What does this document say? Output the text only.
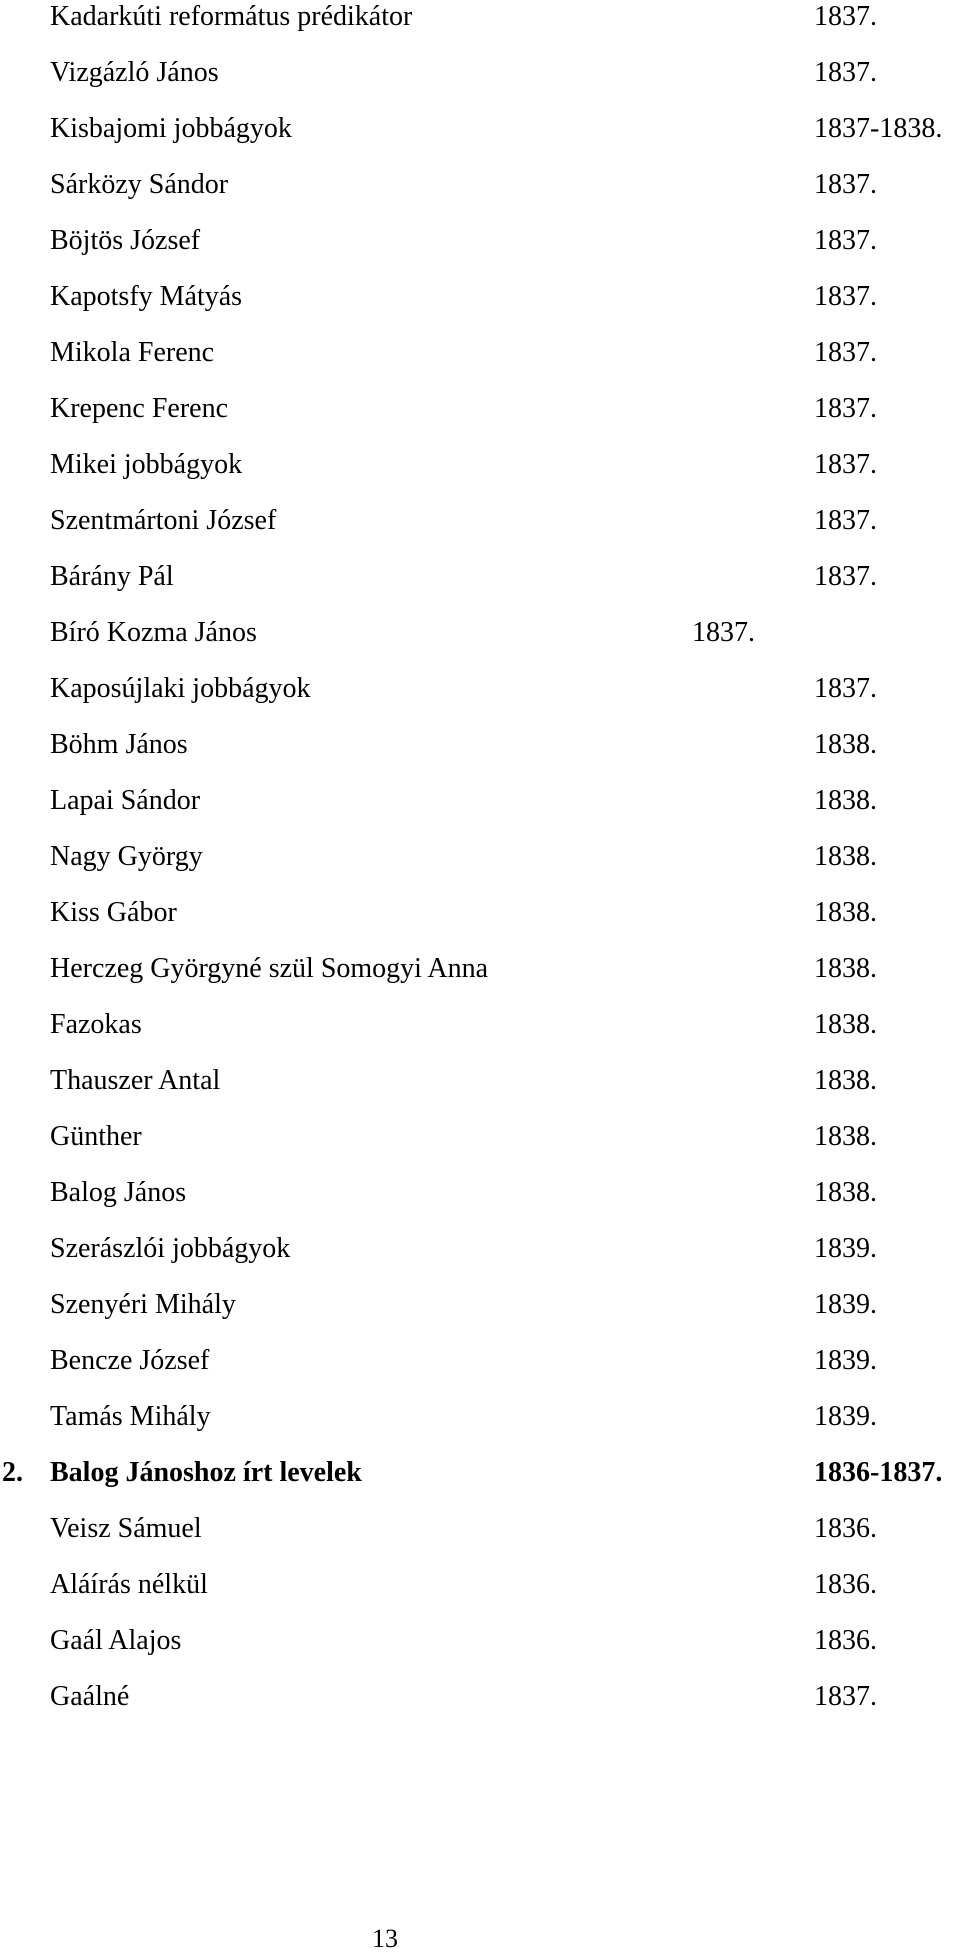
Kadarkúti református prédikátor	1837.
Vizgázló János	1837.
Kisbajomi jobbágyok	1837-1838.
Sárközy Sándor	1837.
Böjtös József	1837.
Kapotsfy Mátyás	1837.
Mikola Ferenc	1837.
Krepenc Ferenc	1837.
Mikei jobbágyok	1837.
Szentmártoni József	1837.
Bárány Pál	1837.
Bíró Kozma János	1837.
Kaposújlaki jobbágyok	1837.
Böhm János	1838.
Lapai Sándor	1838.
Nagy György	1838.
Kiss Gábor	1838.
Herczeg Györgyné szül Somogyi Anna	1838.
Fazokas	1838.
Thauszer Antal	1838.
Günther	1838.
Balog János	1838.
Szerászlói jobbágyok	1839.
Szenyéri Mihály	1839.
Bencze József	1839.
Tamás Mihály	1839.
2. Balog Jánoshoz írt levelek	1836-1837.
Veisz Sámuel	1836.
Aláírás nélkül	1836.
Gaál Alajos	1836.
Gaálné	1837.
13
